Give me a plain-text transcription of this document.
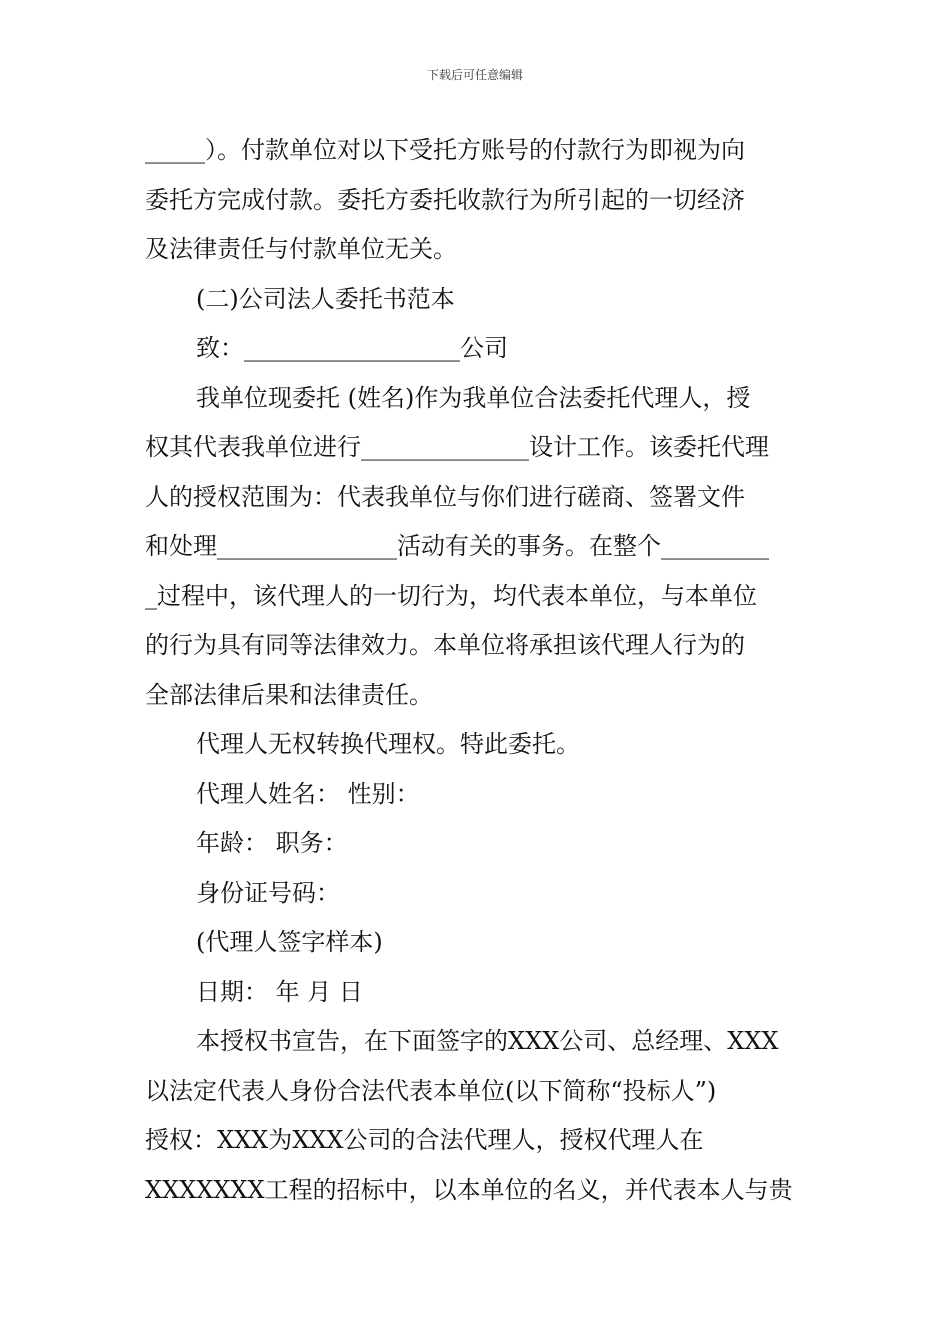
下载后可任意编辑

_____）。付款单位对以下受托方账号的付款行为即视为向

委托方完成付款。委托方委托收款行为所引起的一切经济

及法律责任与付款单位无关。

(二)公司法人委托书范本

致：__________________公司

我单位现委托 (姓名)作为我单位合法委托代理人，授

权其代表我单位进行______________设计工作。该委托代理

人的授权范围为：代表我单位与你们进行磋商、签署文件

和处理_______________活动有关的事务。在整个_________

_过程中，该代理人的一切行为，均代表本单位，与本单位

的行为具有同等法律效力。本单位将承担该代理人行为的

全部法律后果和法律责任。

代理人无权转换代理权。特此委托。

代理人姓名： 性别：

年龄： 职务：

身份证号码：

(代理人签字样本)

日期： 年 月 日

本授权书宣告，在下面签字的XXX公司、总经理、XXX

以法定代表人身份合法代表本单位(以下简称“投标人”)

授权：XXX为XXX公司的合法代理人，授权代理人在

XXXXXXX工程的招标中，以本单位的名义，并代表本人与贵
